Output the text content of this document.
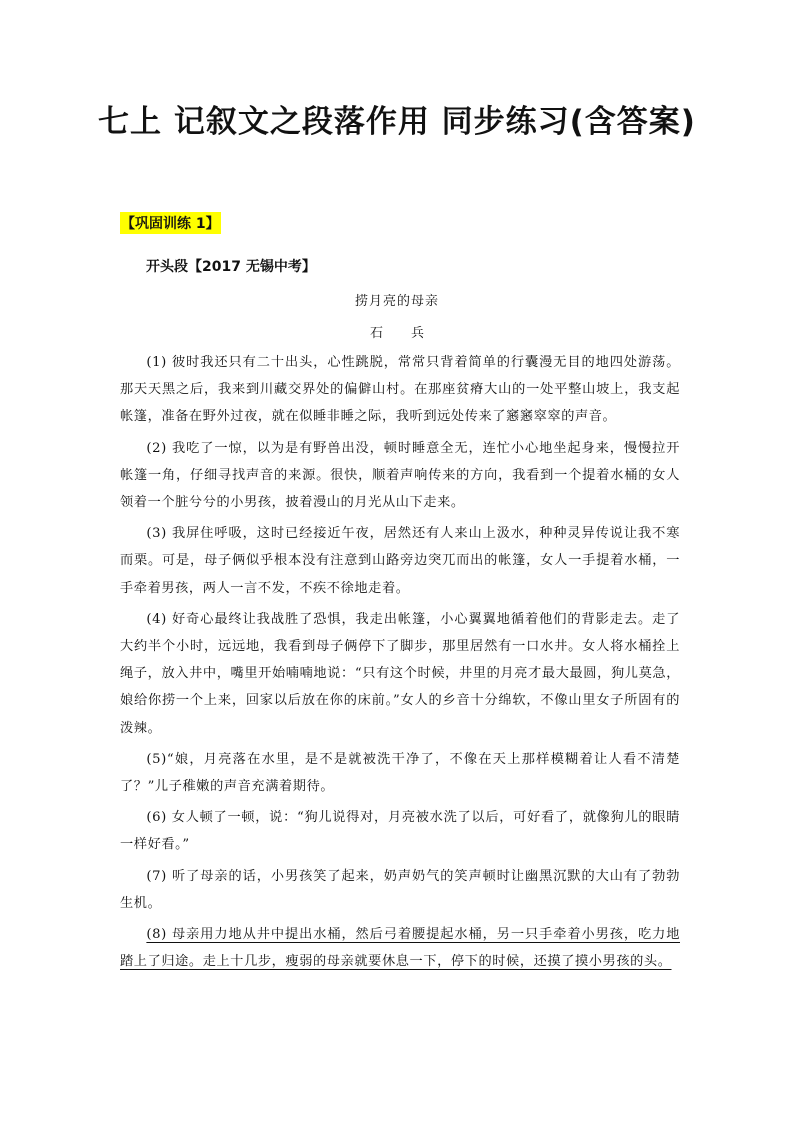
七上 记叙文之段落作用 同步练习(含答案)
【巩固训练 1】
开头段【2017 无锡中考】
捞月亮的母亲
石兵

(1) 彼时我还只有二十出头，心性跳脱，常常只背着简单的行囊漫无目的地四处游荡。那天天黑之后，我来到川藏交界处的偏僻山村。在那座贫瘠大山的一处平整山坡上，我支起帐篷，准备在野外过夜，就在似睡非睡之际，我听到远处传来了窸窸窣窣的声音。

(2) 我吃了一惊，以为是有野兽出没，顿时睡意全无，连忙小心地坐起身来，慢慢拉开帐篷一角，仔细寻找声音的来源。很快，顺着声响传来的方向，我看到一个提着水桶的女人领着一个脏兮兮的小男孩，披着漫山的月光从山下走来。

(3) 我屏住呼吸，这时已经接近午夜，居然还有人来山上汲水，种种灵异传说让我不寒而栗。可是，母子俩似乎根本没有注意到山路旁边突兀而出的帐篷，女人一手提着水桶，一手牵着男孩，两人一言不发，不疾不徐地走着。

(4) 好奇心最终让我战胜了恐惧，我走出帐篷，小心翼翼地循着他们的背影走去。走了大约半个小时，远远地，我看到母子俩停下了脚步，那里居然有一口水井。女人将水桶拴上绳子，放入井中，嘴里开始喃喃地说：“只有这个时候，井里的月亮才最大最圆，狗儿莫急，娘给你捞一个上来，回家以后放在你的床前。”女人的乡音十分绵软，不像山里女子所固有的泼辣。

(5)“娘，月亮落在水里，是不是就被洗干净了，不像在天上那样模糊着让人看不清楚了？”儿子稚嫩的声音充满着期待。

(6) 女人顿了一顿，说：“狗儿说得对，月亮被水洗了以后，可好看了，就像狗儿的眼睛一样好看。”

(7) 听了母亲的话，小男孩笑了起来，奶声奶气的笑声顿时让幽黑沉默的大山有了勃勃生机。

(8) 母亲用力地从井中提出水桶，然后弓着腰提起水桶，另一只手牵着小男孩，吃力地踏上了归途。走上十几步，瘦弱的母亲就要休息一下，停下的时候，还摸了摸小男孩的头。
